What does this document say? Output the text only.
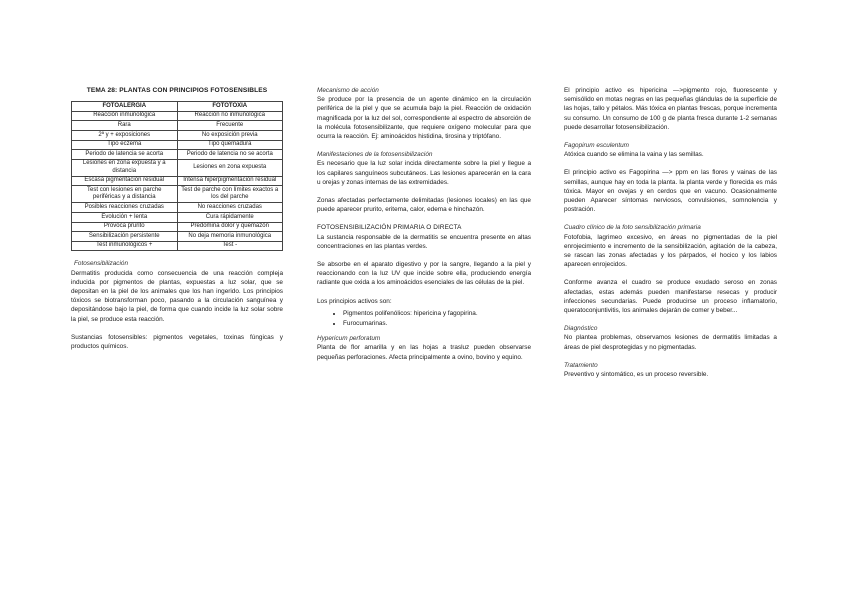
TEMA 28: PLANTAS CON PRINCIPIOS FOTOSENSIBLES

FOTOALERGIA	FOTOTOXIA
Reacción inmunológica	Reacción no inmunológica
Rara	Frecuente
2ª y + exposiciones	No exposición previa
Tipo eczema	Tipo quemadura
Periodo de latencia se acorta	Periodo de latencia no se acorta
Lesiones en zona expuesta y a distancia	Lesiones en zona expuesta
Escasa pigmentación residual	Intensa hiperpigmentación residual
Test con lesiones en parche periféricas y a distancia	Test de parche con límites exactos a los del parche
Posibles reacciones cruzadas	No reacciones cruzadas
Evolución + lenta	Cura rápidamente
Provoca prurito	Predomina dolor y quemazón
Sensibilización persistente	No deja memoria inmunológica
Test inmunológicos +	Test -

Fotosensibilización

Dermatitis producida como consecuencia de una reacción compleja inducida por pigmentos de plantas, expuestas a luz solar, que se depositan en la piel de los animales que los han ingerido. Los principios tóxicos se biotransforman poco, pasando a la circulación sanguínea y depositándose bajo la piel, de forma que cuando incide la luz solar sobre la piel, se produce esta reacción.

Sustancias fotosensibles: pigmentos vegetales, toxinas fúngicas y productos químicos.

Mecanismo de acción

Se produce por la presencia de un agente dinámico en la circulación periférica de la piel y que se acumula bajo la piel. Reacción de oxidación magnificada por la luz del sol, correspondiente al espectro de absorción de la molécula fotosensibilizante, que requiere oxígeno molecular para que ocurra la reacción. Ej: aminoácidos histidina, tirosina y triptófano.

Manifestaciones de la fotosensibilización

Es necesario que la luz solar incida directamente sobre la piel y llegue a los capilares sanguíneos subcutáneos. Las lesiones aparecerán en la cara u orejas y zonas internas de las extremidades.

Zonas afectadas perfectamente delimitadas (lesiones locales) en las que puede aparecer prurito, eritema, calor, edema e hinchazón.

FOTOSENSIBILIZACIÓN PRIMARIA O DIRECTA

La sustancia responsable de la dermatitis se encuentra presente en altas concentraciones en las plantas verdes.

Se absorbe en el aparato digestivo y por la sangre, llegando a la piel y reaccionando con la luz UV que incide sobre ella, produciendo energía radiante que oxida a los aminoácidos esenciales de las células de la piel.

Los principios activos son:

• Pigmentos polifenólicos: hipericina y fagopirina.
• Furocumarinas.

Hypericum perforatum

Planta de flor amarilla y en las hojas a trasluz pueden observarse pequeñas perforaciones. Afecta principalmente a ovino, bovino y equino.

El principio activo es hipericina —>pigmento rojo, fluorescente y semisólido en motas negras en las pequeñas glándulas de la superficie de las hojas, tallo y pétalos. Más tóxica en plantas frescas, porque incrementa su consumo. Un consumo de 100 g de planta fresca durante 1-2 semanas puede desarrollar fotosensibilización.

Fagopirum esculentum

Atóxica cuando se elimina la vaina y las semillas.

El principio activo es Fagopirina —> ppm en las flores y vainas de las semillas, aunque hay en toda la planta. la planta verde y florecida es más tóxica. Mayor en ovejas y en cerdos que en vacuno. Ocasionalmente pueden Aparecer síntomas nerviosos, convulsiones, somnolencia y postración.

Cuadro clínico de la foto sensibilización primaria

Fotofobia, lagrimeo excesivo, en áreas no pigmentadas de la piel enrojecimiento e incremento de la sensibilización, agitación de la cabeza, se rascan las zonas afectadas y los párpados, el hocico y los labios aparecen enrojecidos.

Conforme avanza el cuadro se produce exudado seroso en zonas afectadas, estas además pueden manifestarse resecas y producir infecciones secundarias. Puede producirse un proceso inflamatorio, queratoconjuntivitis, los animales dejarán de comer y beber...

Diagnóstico

No plantea problemas, observamos lesiones de dermatitis limitadas a áreas de piel desprotegidas y no pigmentadas.

Tratamiento

Preventivo y sintomático, es un proceso reversible.
